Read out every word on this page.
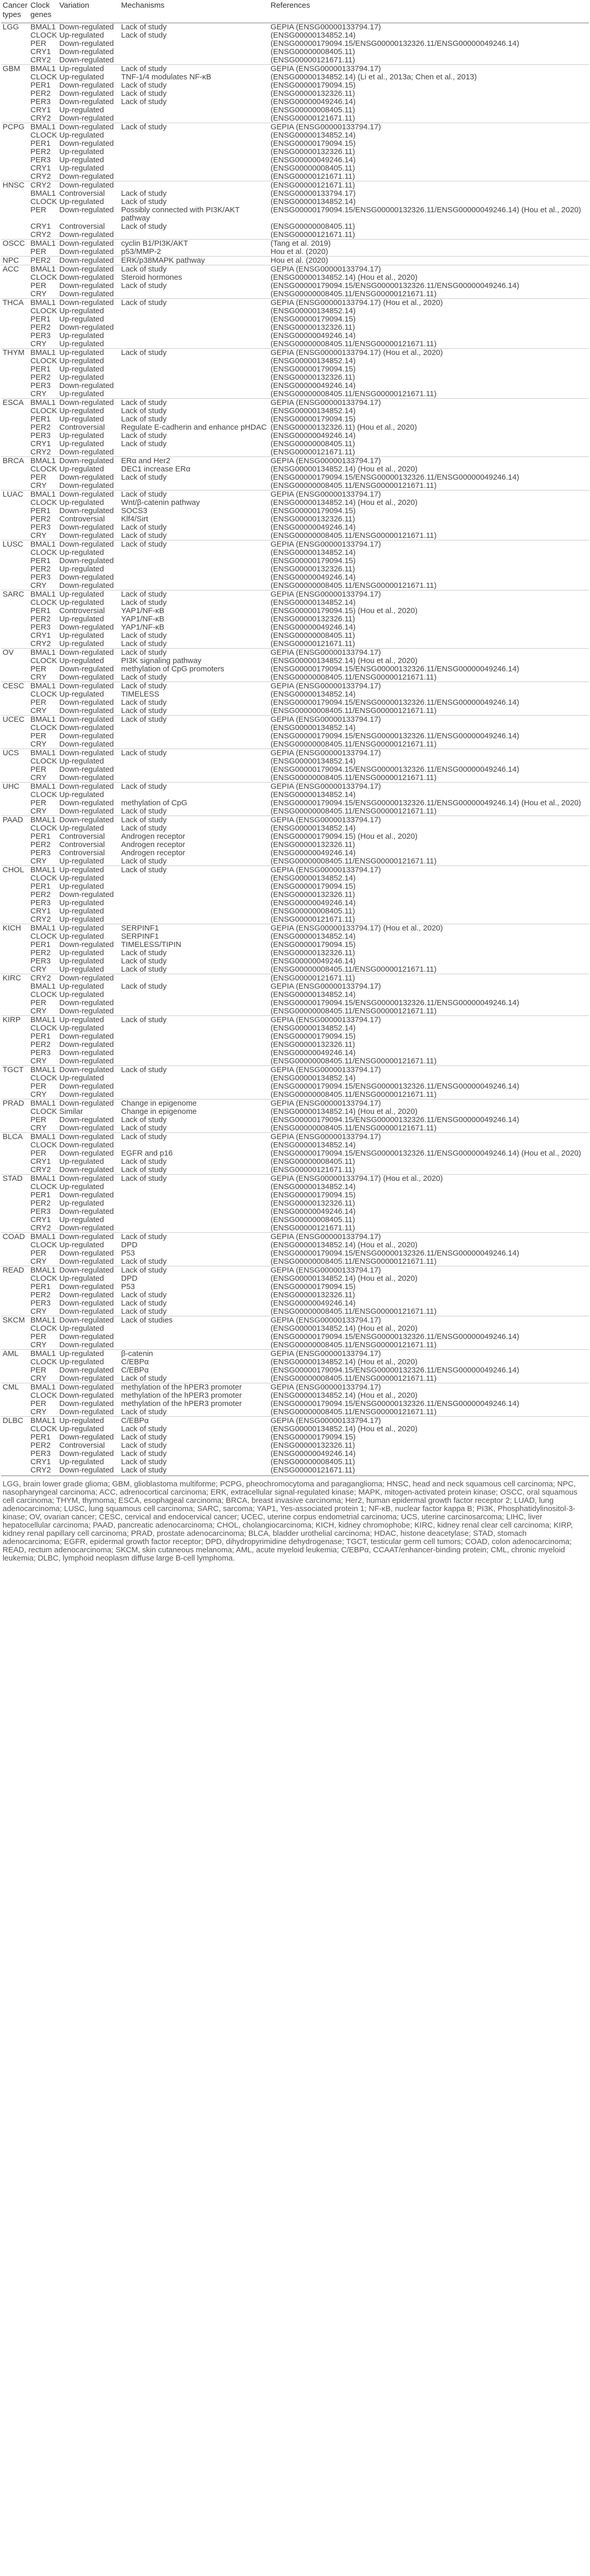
Cancer types	Clock genes	Variation	Mechanisms	References
LGG	BMAL1	Down-regulated	Lack of study	GEPIA (ENSG00000133794.17)
	CLOCK	Up-regulated	Lack of study	(ENSG00000134852.14)
	PER	Down-regulated		(ENSG00000179094.15/ENSG00000132326.11/ENSG00000049246.14)
	CRY1	Down-regulated		(ENSG00000008405.11)
	CRY2	Down-regulated		(ENSG00000121671.11)
GBM	BMAL1	Up-regulated	Lack of study	GEPIA (ENSG00000133794.17)
	CLOCK	Up-regulated	TNF-1/4 modulates NF-κB	(ENSG00000134852.14) (Li et al., 2013a; Chen et al., 2013)
	PER1	Down-regulated	Lack of study	(ENSG00000179094.15)
	PER2	Down-regulated	Lack of study	(ENSG00000132326.11)
	PER3	Down-regulated	Lack of study	(ENSG00000049246.14)
	CRY1	Up-regulated		(ENSG00000008405.11)
	CRY2	Down-regulated		(ENSG00000121671.11)
PCPG	BMAL1	Down-regulated	Lack of study	GEPIA (ENSG00000133794.17)
	CLOCK	Up-regulated		(ENSG00000134852.14)
	PER1	Down-regulated		(ENSG00000179094.15)
	PER2	Up-regulated		(ENSG00000132326.11)
	PER3	Up-regulated		(ENSG00000049246.14)
	CRY1	Up-regulated		(ENSG00000008405.11)
	CRY2	Down-regulated		(ENSG00000121671.11)
HNSC	CRY2	Down-regulated		(ENSG00000121671.11)
	BMAL1	Controversial	Lack of study	(ENSG00000133794.17)
	CLOCK	Up-regulated	Lack of study	(ENSG00000134852.14)
	PER	Down-regulated	Possibly connected with PI3K/AKT pathway	(ENSG00000179094.15/ENSG00000132326.11/ENSG00000049246.14) (Hou et al., 2020)
	CRY1	Controversial	Lack of study	(ENSG00000008405.11)
	CRY2	Down-regulated		(ENSG00000121671.11)
OSCC	BMAL1	Down-regulated	cyclin B1/PI3K/AKT	(Tang et al. 2019)
	PER	Down-regulated	p53/MMP-2	Hou et al. (2020)
NPC	PER2	Down-regulated	ERK/p38MAPK pathway	Hou et al. (2020)
ACC	BMAL1	Down-regulated	Lack of study	GEPIA (ENSG00000133794.17)
	CLOCK	Down-regulated	Steroid hormones	(ENSG00000134852.14) (Hou et al., 2020)
	PER	Down-regulated	Lack of study	(ENSG00000179094.15/ENSG00000132326.11/ENSG00000049246.14)
	CRY	Down-regulated		(ENSG00000008405.11/ENSG00000121671.11)
THCA	BMAL1	Down-regulated	Lack of study	GEPIA (ENSG00000133794.17) (Hou et al., 2020)
	CLOCK	Up-regulated		(ENSG00000134852.14)
	PER1	Up-regulated		(ENSG00000179094.15)
	PER2	Down-regulated		(ENSG00000132326.11)
	PER3	Up-regulated		(ENSG00000049246.14)
	CRY	Up-regulated		(ENSG00000008405.11/ENSG00000121671.11)
THYM	BMAL1	Up-regulated	Lack of study	GEPIA (ENSG00000133794.17) (Hou et al., 2020)
	CLOCK	Up-regulated		(ENSG00000134852.14)
	PER1	Up-regulated		(ENSG00000179094.15)
	PER2	Up-regulated		(ENSG00000132326.11)
	PER3	Down-regulated		(ENSG00000049246.14)
	CRY	Up-regulated		(ENSG00000008405.11/ENSG00000121671.11)
ESCA	BMAL1	Down-regulated	Lack of study	GEPIA (ENSG00000133794.17)
	CLOCK	Up-regulated	Lack of study	(ENSG00000134852.14)
	PER1	Up-regulated	Lack of study	(ENSG00000179094.15)
	PER2	Controversial	Regulate E-cadherin and enhance pHDAC	(ENSG00000132326.11) (Hou et al., 2020)
	PER3	Up-regulated	Lack of study	(ENSG00000049246.14)
	CRY1	Up-regulated	Lack of study	(ENSG00000008405.11)
	CRY2	Down-regulated		(ENSG00000121671.11)
BRCA	BMAL1	Down-regulated	ERα and Her2	GEPIA (ENSG00000133794.17)
	CLOCK	Up-regulated	DEC1 increase ERα	(ENSG00000134852.14) (Hou et al., 2020)
	PER	Down-regulated	Lack of study	(ENSG00000179094.15/ENSG00000132326.11/ENSG00000049246.14)
	CRY	Down-regulated		(ENSG00000008405.11/ENSG00000121671.11)
LUAC	BMAL1	Down-regulated	Lack of study	GEPIA (ENSG00000133794.17)
	CLOCK	Up-regulated	Wnt/β-catenin pathway	(ENSG00000134852.14) (Hou et al., 2020)
	PER1	Down-regulated	SOCS3	(ENSG00000179094.15)
	PER2	Controversial	Klf4/Sirt	(ENSG00000132326.11)
	PER3	Down-regulated	Lack of study	(ENSG00000049246.14)
	CRY	Down-regulated	Lack of study	(ENSG00000008405.11/ENSG00000121671.11)
LUSC	BMAL1	Down-regulated	Lack of study	GEPIA (ENSG00000133794.17)
	CLOCK	Up-regulated		(ENSG00000134852.14)
	PER1	Down-regulated		(ENSG00000179094.15)
	PER2	Up-regulated		(ENSG00000132326.11)
	PER3	Down-regulated		(ENSG00000049246.14)
	CRY	Down-regulated		(ENSG00000008405.11/ENSG00000121671.11)
SARC	BMAL1	Up-regulated	Lack of study	GEPIA (ENSG00000133794.17)
	CLOCK	Up-regulated	Lack of study	(ENSG00000134852.14)
	PER1	Controversial	YAP1/NF-κB	(ENSG00000179094.15) (Hou et al., 2020)
	PER2	Up-regulated	YAP1/NF-κB	(ENSG00000132326.11)
	PER3	Down-regulated	YAP1/NF-κB	(ENSG00000049246.14)
	CRY1	Up-regulated	Lack of study	(ENSG00000008405.11)
	CRY2	Up-regulated	Lack of study	(ENSG00000121671.11)
OV	BMAL1	Down-regulated	Lack of study	GEPIA (ENSG00000133794.17)
	CLOCK	Up-regulated	PI3K signaling pathway	(ENSG00000134852.14) (Hou et al., 2020)
	PER	Down-regulated	methylation of CpG promoters	(ENSG00000179094.15/ENSG00000132326.11/ENSG00000049246.14)
	CRY	Down-regulated	Lack of study	(ENSG00000008405.11/ENSG00000121671.11)
CESC	BMAL1	Down-regulated	Lack of study	GEPIA (ENSG00000133794.17)
	CLOCK	Up-regulated	TIMELESS	(ENSG00000134852.14)
	PER	Down-regulated	Lack of study	(ENSG00000179094.15/ENSG00000132326.11/ENSG00000049246.14)
	CRY	Down-regulated	Lack of study	(ENSG00000008405.11/ENSG00000121671.11)
UCEC	BMAL1	Down-regulated	Lack of study	GEPIA (ENSG00000133794.17)
	CLOCK	Down-regulated		(ENSG00000134852.14)
	PER	Down-regulated		(ENSG00000179094.15/ENSG00000132326.11/ENSG00000049246.14)
	CRY	Down-regulated		(ENSG00000008405.11/ENSG00000121671.11)
UCS	BMAL1	Down-regulated	Lack of study	GEPIA (ENSG00000133794.17)
	CLOCK	Up-regulated		(ENSG00000134852.14)
	PER	Down-regulated		(ENSG00000179094.15/ENSG00000132326.11/ENSG00000049246.14)
	CRY	Down-regulated		(ENSG00000008405.11/ENSG00000121671.11)
UHC	BMAL1	Down-regulated	Lack of study	GEPIA (ENSG00000133794.17)
	CLOCK	Up-regulated		(ENSG00000134852.14)
	PER	Down-regulated	methylation of CpG	(ENSG00000179094.15/ENSG00000132326.11/ENSG00000049246.14) (Hou et al., 2020)
	CRY	Down-regulated	Lack of study	(ENSG00000008405.11/ENSG00000121671.11)
PAAD	BMAL1	Down-regulated	Lack of study	GEPIA (ENSG00000133794.17)
	CLOCK	Up-regulated	Lack of study	(ENSG00000134852.14)
	PER1	Controversial	Androgen receptor	(ENSG00000179094.15) (Hou et al., 2020)
	PER2	Controversial	Androgen receptor	(ENSG00000132326.11)
	PER3	Controversial	Androgen receptor	(ENSG00000049246.14)
	CRY	Up-regulated	Lack of study	(ENSG00000008405.11/ENSG00000121671.11)
CHOL	BMAL1	Up-regulated	Lack of study	GEPIA (ENSG00000133794.17)
	CLOCK	Up-regulated		(ENSG00000134852.14)
	PER1	Up-regulated		(ENSG00000179094.15)
	PER2	Down-regulated		(ENSG00000132326.11)
	PER3	Up-regulated		(ENSG00000049246.14)
	CRY1	Up-regulated		(ENSG00000008405.11)
	CRY2	Up-regulated		(ENSG00000121671.11)
KICH	BMAL1	Up-regulated	SERPINF1	GEPIA (ENSG00000133794.17) (Hou et al., 2020)
	CLOCK	Up-regulated	SERPINF1	(ENSG00000134852.14)
	PER1	Down-regulated	TIMELESS/TIPIN	(ENSG00000179094.15)
	PER2	Up-regulated	Lack of study	(ENSG00000132326.11)
	PER3	Up-regulated	Lack of study	(ENSG00000049246.14)
	CRY	Up-regulated	Lack of study	(ENSG00000008405.11/ENSG00000121671.11)
KIRC	CRY2	Down-regulated		(ENSG00000121671.11)
	BMAL1	Up-regulated	Lack of study	GEPIA (ENSG00000133794.17)
	CLOCK	Up-regulated		(ENSG00000134852.14)
	PER	Down-regulated		(ENSG00000179094.15/ENSG00000132326.11/ENSG00000049246.14)
	CRY	Down-regulated		(ENSG00000008405.11/ENSG00000121671.11)
KIRP	BMAL1	Up-regulated	Lack of study	GEPIA (ENSG00000133794.17)
	CLOCK	Up-regulated		(ENSG00000134852.14)
	PER1	Down-regulated		(ENSG00000179094.15)
	PER2	Down-regulated		(ENSG00000132326.11)
	PER3	Down-regulated		(ENSG00000049246.14)
	CRY	Down-regulated		(ENSG00000008405.11/ENSG00000121671.11)
TGCT	BMAL1	Down-regulated	Lack of study	GEPIA (ENSG00000133794.17)
	CLOCK	Up-regulated		(ENSG00000134852.14)
	PER	Down-regulated		(ENSG00000179094.15/ENSG00000132326.11/ENSG00000049246.14)
	CRY	Down-regulated		(ENSG00000008405.11/ENSG00000121671.11)
PRAD	BMAL1	Down-regulated	Change in epigenome	GEPIA (ENSG00000133794.17)
	CLOCK	Similar	Change in epigenome	(ENSG00000134852.14) (Hou et al., 2020)
	PER	Down-regulated	Lack of study	(ENSG00000179094.15/ENSG00000132326.11/ENSG00000049246.14)
	CRY	Down-regulated	Lack of study	(ENSG00000008405.11/ENSG00000121671.11)
BLCA	BMAL1	Down-regulated	Lack of study	GEPIA (ENSG00000133794.17)
	CLOCK	Down-regulated		(ENSG00000134852.14)
	PER	Down-regulated	EGFR and p16	(ENSG00000179094.15/ENSG00000132326.11/ENSG00000049246.14) (Hou et al., 2020)
	CRY1	Up-regulated	Lack of study	(ENSG00000008405.11)
	CRY2	Down-regulated	Lack of study	(ENSG00000121671.11)
STAD	BMAL1	Down-regulated	Lack of study	GEPIA (ENSG00000133794.17) (Hou et al., 2020)
	CLOCK	Up-regulated		(ENSG00000134852.14)
	PER1	Down-regulated		(ENSG00000179094.15)
	PER2	Up-regulated		(ENSG00000132326.11)
	PER3	Down-regulated		(ENSG00000049246.14)
	CRY1	Up-regulated		(ENSG00000008405.11)
	CRY2	Down-regulated		(ENSG00000121671.11)
COAD	BMAL1	Down-regulated	Lack of study	GEPIA (ENSG00000133794.17)
	CLOCK	Up-regulated	DPD	(ENSG00000134852.14) (Hou et al., 2020)
	PER	Down-regulated	P53	(ENSG00000179094.15/ENSG00000132326.11/ENSG00000049246.14)
	CRY	Down-regulated	Lack of study	(ENSG00000008405.11/ENSG00000121671.11)
READ	BMAL1	Down-regulated	Lack of study	GEPIA (ENSG00000133794.17)
	CLOCK	Up-regulated	DPD	(ENSG00000134852.14) (Hou et al., 2020)
	PER1	Down-regulated	P53	(ENSG00000179094.15)
	PER2	Down-regulated	Lack of study	(ENSG00000132326.11)
	PER3	Down-regulated	Lack of study	(ENSG00000049246.14)
	CRY	Down-regulated	Lack of study	(ENSG00000008405.11/ENSG00000121671.11)
SKCM	BMAL1	Down-regulated	Lack of studies	GEPIA (ENSG00000133794.17)
	CLOCK	Up-regulated		(ENSG00000134852.14) (Hou et al., 2020)
	PER	Down-regulated		(ENSG00000179094.15/ENSG00000132326.11/ENSG00000049246.14)
	CRY	Down-regulated		(ENSG00000008405.11/ENSG00000121671.11)
AML	BMAL1	Up-regulated	β-catenin	GEPIA (ENSG00000133794.17)
	CLOCK	Up-regulated	C/EBPα	(ENSG00000134852.14) (Hou et al., 2020)
	PER	Down-regulated	C/EBPα	(ENSG00000179094.15/ENSG00000132326.11/ENSG00000049246.14)
	CRY	Down-regulated	Lack of study	(ENSG00000008405.11/ENSG00000121671.11)
CML	BMAL1	Down-regulated	methylation of the hPER3 promoter	GEPIA (ENSG00000133794.17)
	CLOCK	Down-regulated	methylation of the hPER3 promoter	(ENSG00000134852.14) (Hou et al., 2020)
	PER	Down-regulated	methylation of the hPER3 promoter	(ENSG00000179094.15/ENSG00000132326.11/ENSG00000049246.14)
	CRY	Down-regulated	Lack of study	(ENSG00000008405.11/ENSG00000121671.11)
DLBC	BMAL1	Up-regulated	C/EBPα	GEPIA (ENSG00000133794.17)
	CLOCK	Up-regulated	Lack of study	(ENSG00000134852.14) (Hou et al., 2020)
	PER1	Down-regulated	Lack of study	(ENSG00000179094.15)
	PER2	Controversial	Lack of study	(ENSG00000132326.11)
	PER3	Down-regulated	Lack of study	(ENSG00000049246.14)
	CRY1	Up-regulated	Lack of study	(ENSG00000008405.11)
	CRY2	Down-regulated	Lack of study	(ENSG00000121671.11)
LGG, brain lower grade glioma; GBM, glioblastoma multiforme; PCPG, pheochromocytoma and paraganglioma; HNSC, head and neck squamous cell carcinoma; NPC, nasopharyngeal carcinoma; ACC, adrenocortical carcinoma; ERK, extracellular signal-regulated kinase; MAPK, mitogen-activated protein kinase; OSCC, oral squamous cell carcinoma; THYM, thymoma; ESCA, esophageal carcinoma; BRCA, breast invasive carcinoma; Her2, human epidermal growth factor receptor 2; LUAD, lung adenocarcinoma; LUSC, lung squamous cell carcinoma; SARC, sarcoma; YAP1, Yes-associated protein 1; NF-κB, nuclear factor kappa B; PI3K, Phosphatidylinositol-3-kinase; OV, ovarian cancer; CESC, cervical and endocervical cancer; UCEC, uterine corpus endometrial carcinoma; UCS, uterine carcinosarcoma; LIHC, liver hepatocellular carcinoma; PAAD, pancreatic adenocarcinoma; CHOL, cholangiocarcinoma; KICH, kidney chromophobe; KIRC, kidney renal clear cell carcinoma; KIRP, kidney renal papillary cell carcinoma; PRAD, prostate adenocarcinoma; BLCA, bladder urothelial carcinoma; HDAC, histone deacetylase; STAD, stomach adenocarcinoma; EGFR, epidermal growth factor receptor; DPD, dihydropyrimidine dehydrogenase; TGCT, testicular germ cell tumors; COAD, colon adenocarcinoma; READ, rectum adenocarcinoma; SKCM, skin cutaneous melanoma; AML, acute myeloid leukemia; C/EBPα, CCAAT/enhancer-binding protein; CML, chronic myeloid leukemia; DLBC, lymphoid neoplasm diffuse large B-cell lymphoma.
